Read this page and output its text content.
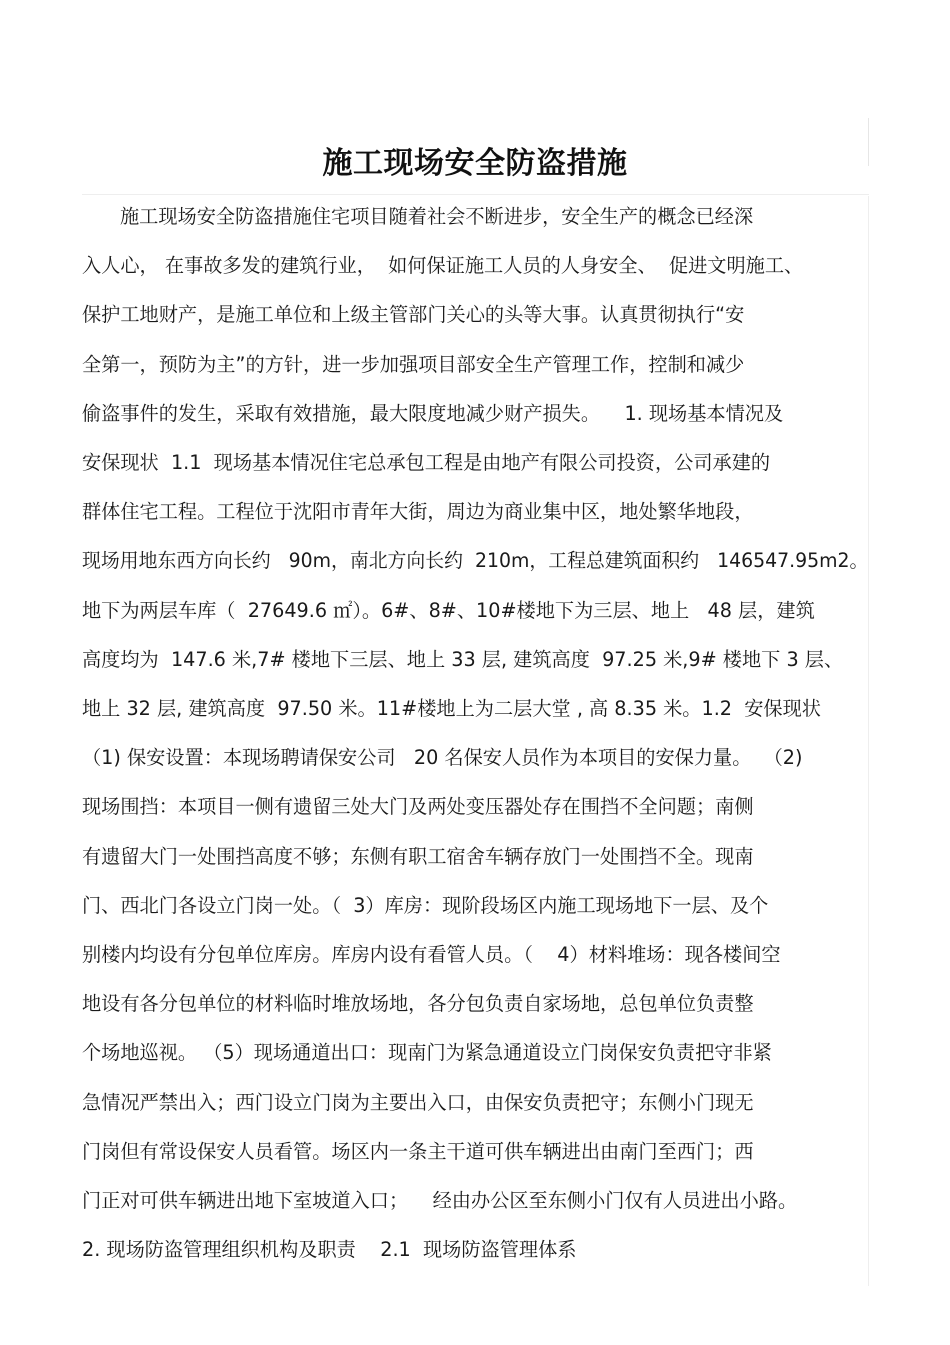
施工现场安全防盗措施
施工现场安全防盗措施住宅项目随着社会不断进步，安全生产的概念已经深
入人心， 在事故多发的建筑行业，  如何保证施工人员的人身安全、  促进文明施工、
保护工地财产，是施工单位和上级主管部门关心的头等大事。认真贯彻执行“安
全第一，预防为主”的方针，进一步加强项目部安全生产管理工作，控制和减少
偷盗事件的发生，采取有效措施，最大限度地减少财产损失。    1. 现场基本情况及
安保现状  1.1  现场基本情况住宅总承包工程是由地产有限公司投资，公司承建的
群体住宅工程。工程位于沈阳市青年大街，周边为商业集中区，地处繁华地段，
现场用地东西方向长约   90m，南北方向长约  210m，工程总建筑面积约   146547.95m2。
地下为两层车库（  27649.6 ㎡）。6#、8#、10#楼地下为三层、地上   48 层，建筑
高度均为  147.6 米,7# 楼地下三层、地上 33 层, 建筑高度  97.25 米,9# 楼地下 3 层、
地上 32 层, 建筑高度  97.50 米。11#楼地上为二层大堂 , 高 8.35 米。1.2  安保现状
（1) 保安设置：本现场聘请保安公司   20 名保安人员作为本项目的安保力量。  （2)
现场围挡：本项目一侧有遗留三处大门及两处变压器处存在围挡不全问题；南侧
有遗留大门一处围挡高度不够；东侧有职工宿舍车辆存放门一处围挡不全。现南
门、西北门各设立门岗一处。（  3）库房：现阶段场区内施工现场地下一层、及个
别楼内均设有分包单位库房。库房内设有看管人员。（    4）材料堆场：现各楼间空
地设有各分包单位的材料临时堆放场地，各分包负责自家场地，总包单位负责整
个场地巡视。 （5）现场通道出口：现南门为紧急通道设立门岗保安负责把守非紧
急情况严禁出入；西门设立门岗为主要出入口，由保安负责把守；东侧小门现无
门岗但有常设保安人员看管。场区内一条主干道可供车辆进出由南门至西门；西
门正对可供车辆进出地下室坡道入口；    经由办公区至东侧小门仅有人员进出小路。
2. 现场防盗管理组织机构及职责    2.1  现场防盗管理体系
